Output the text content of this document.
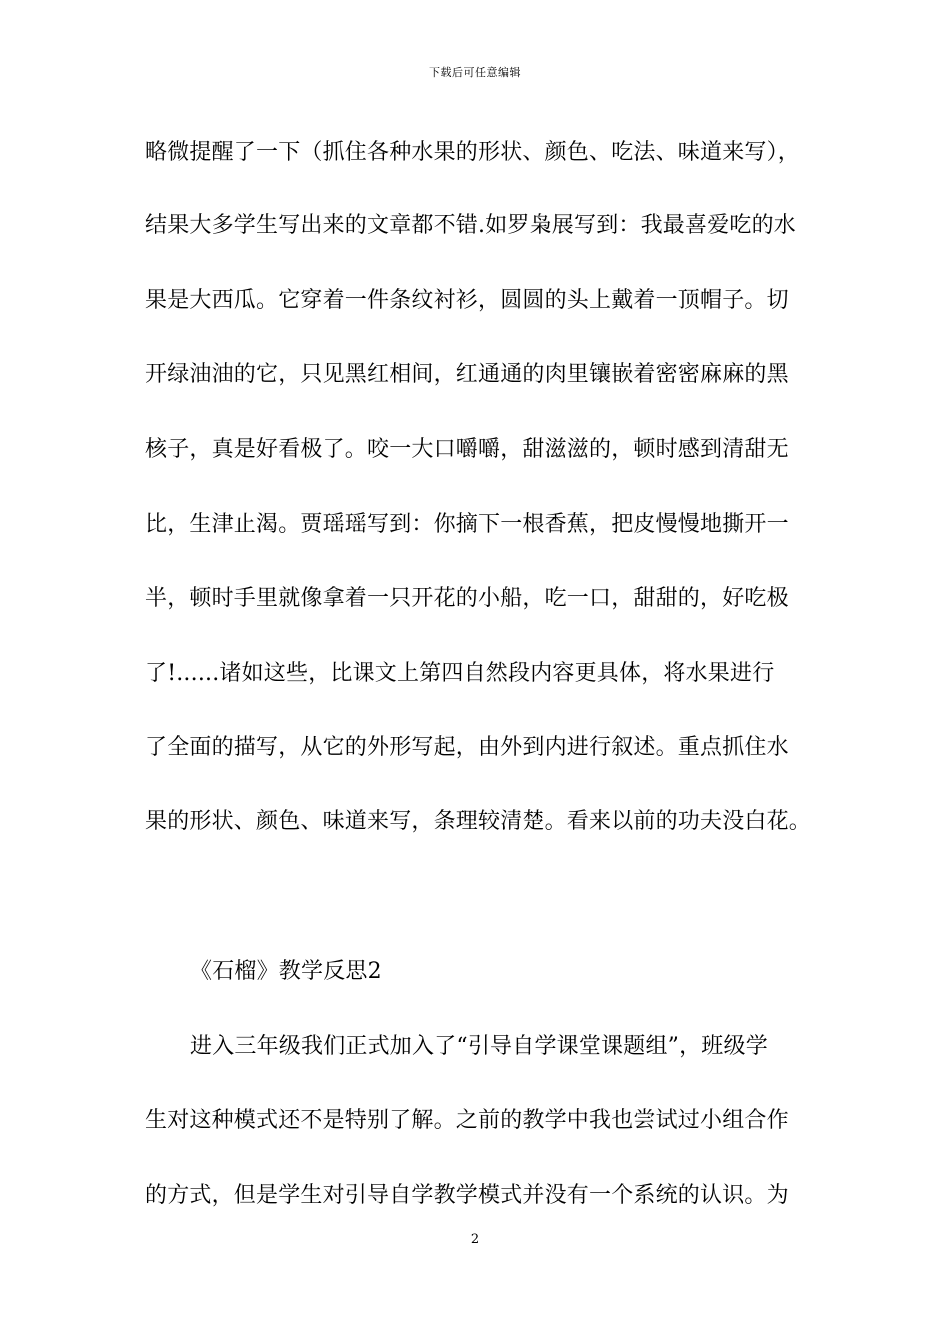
下载后可任意编辑
略微提醒了一下（抓住各种水果的形状、颜色、吃法、味道来写），
结果大多学生写出来的文章都不错.如罗枭展写到：我最喜爱吃的水
果是大西瓜。它穿着一件条纹衬衫，圆圆的头上戴着一顶帽子。切
开绿油油的它，只见黑红相间，红通通的肉里镶嵌着密密麻麻的黑
核子，真是好看极了。咬一大口嚼嚼，甜滋滋的，顿时感到清甜无
比，生津止渴。贾瑶瑶写到：你摘下一根香蕉，把皮慢慢地撕开一
半，顿时手里就像拿着一只开花的小船，吃一口，甜甜的，好吃极
了!......诸如这些，比课文上第四自然段内容更具体，将水果进行
了全面的描写，从它的外形写起，由外到内进行叙述。重点抓住水
果的形状、颜色、味道来写，条理较清楚。看来以前的功夫没白花。
《石榴》教学反思2
进入三年级我们正式加入了“引导自学课堂课题组”，班级学
生对这种模式还不是特别了解。之前的教学中我也尝试过小组合作
的方式，但是学生对引导自学教学模式并没有一个系统的认识。为
2
